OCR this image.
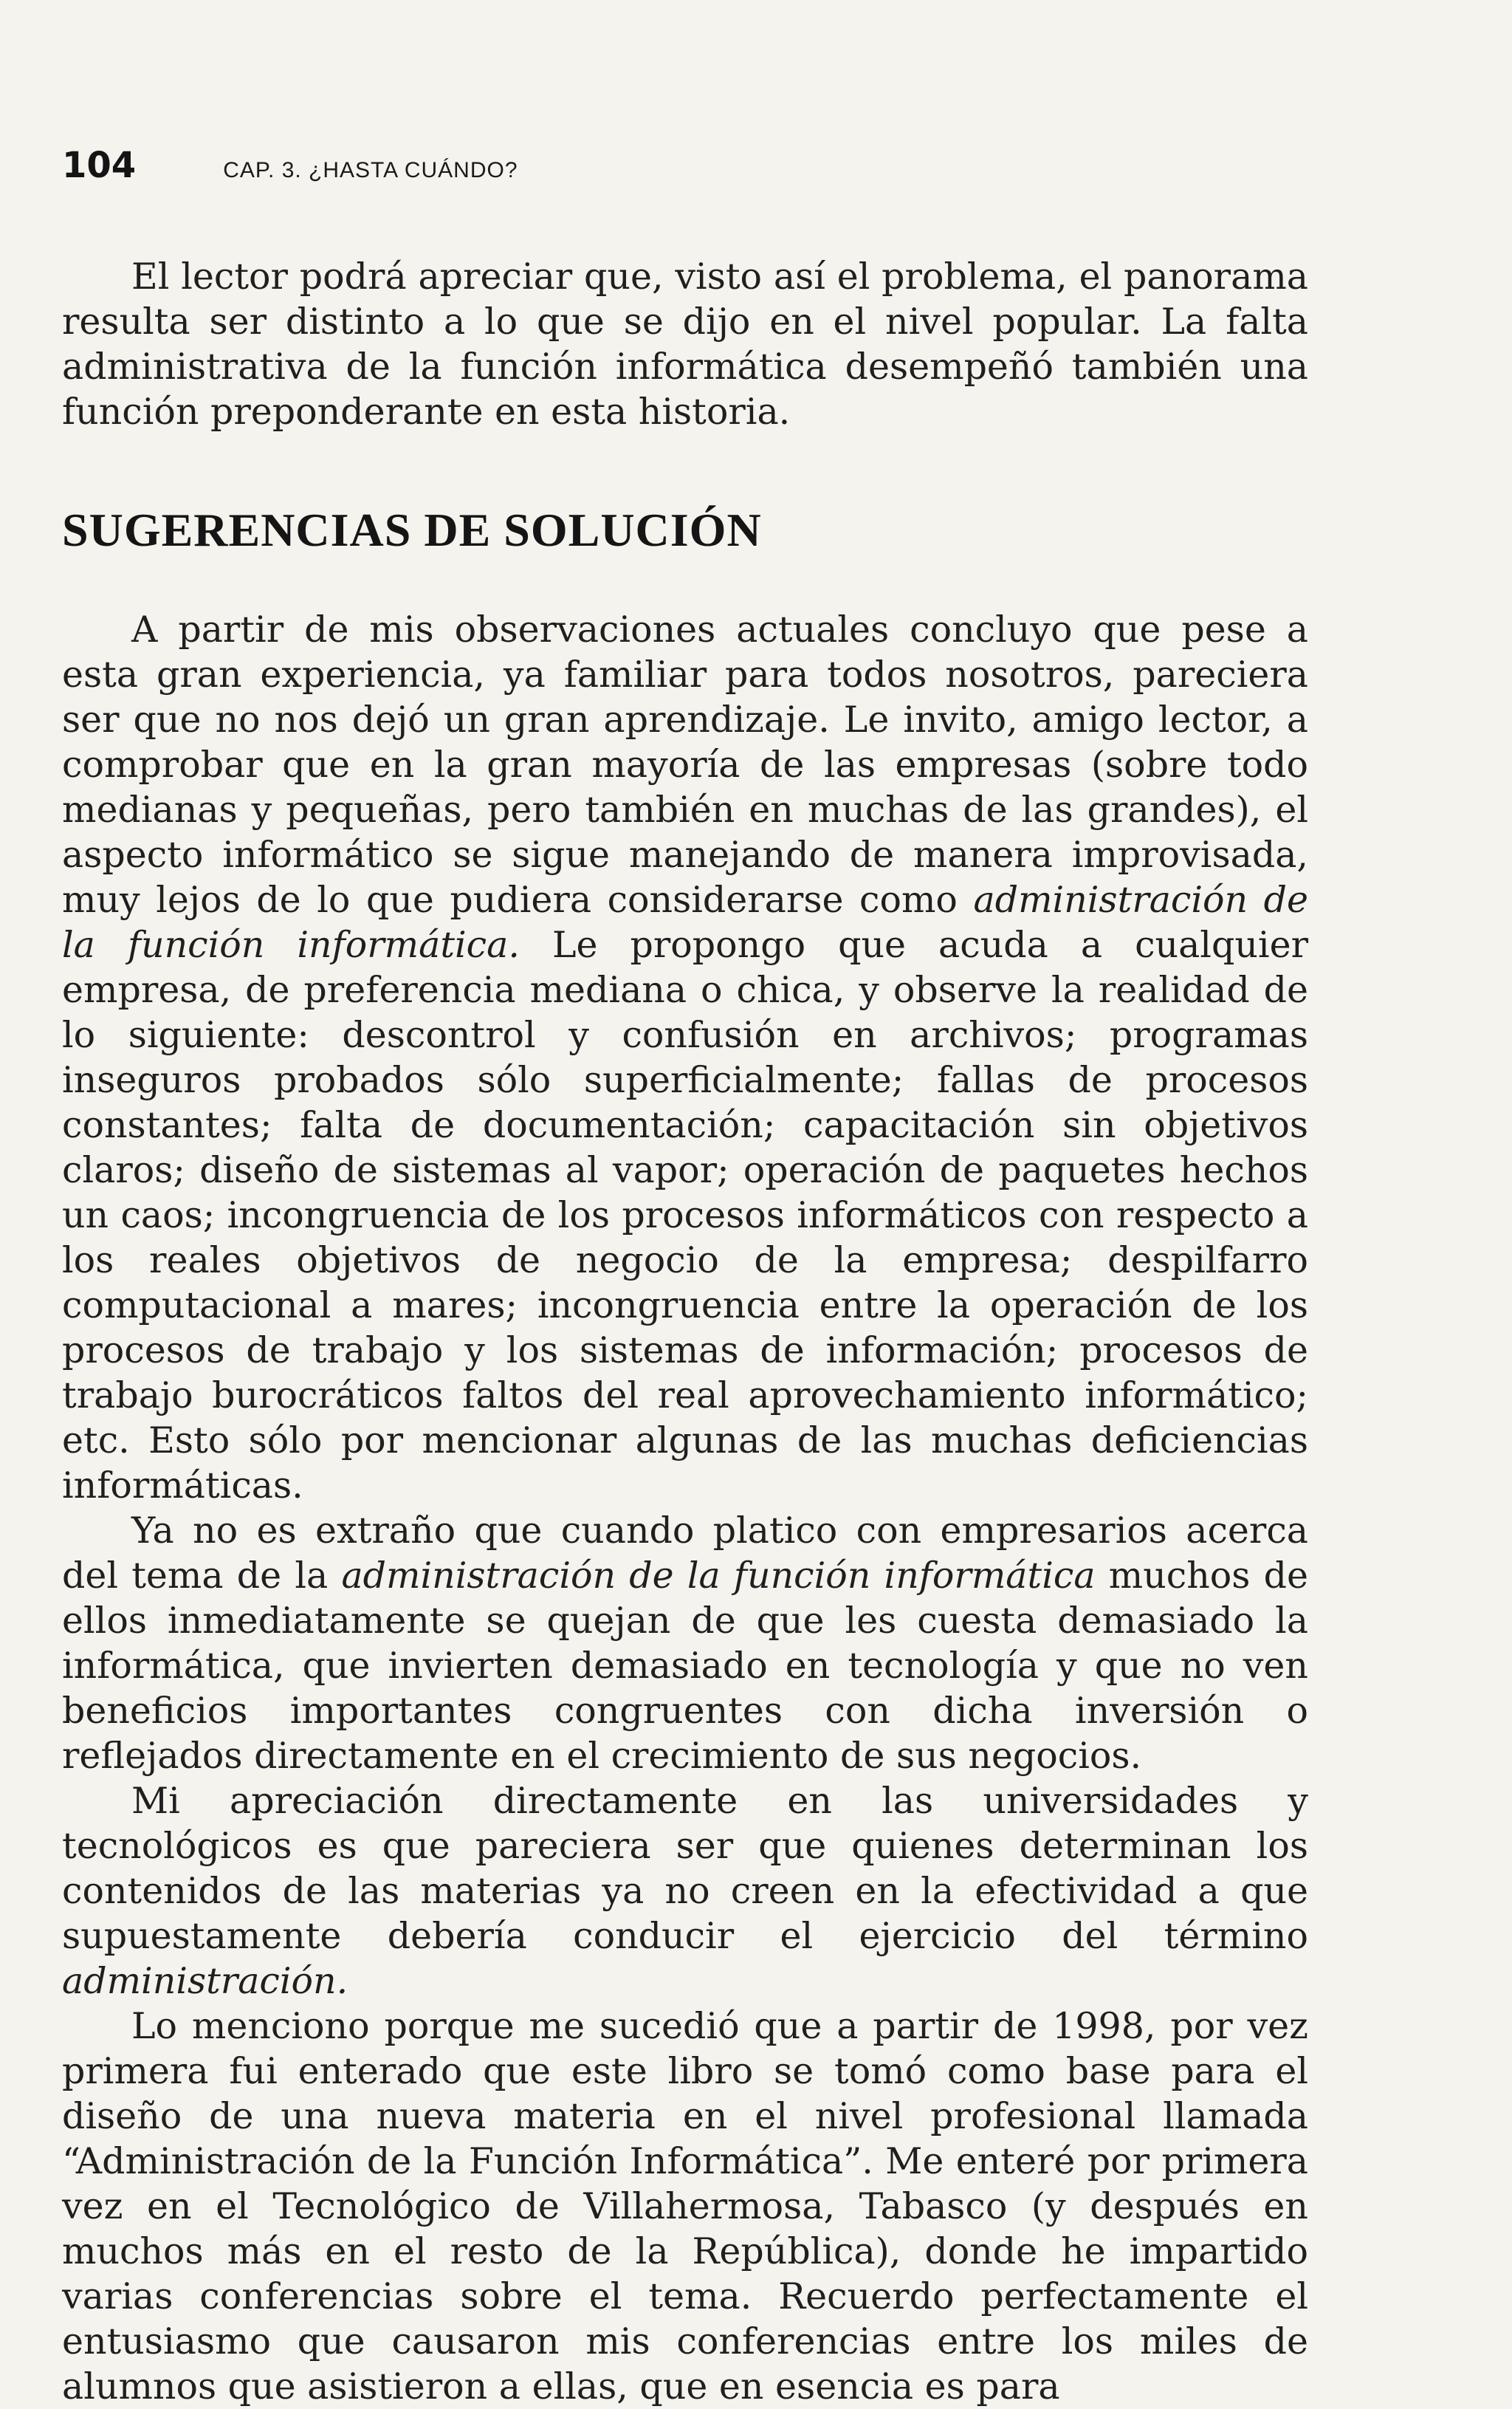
104	CAP. 3. ¿HASTA CUÁNDO?

El lector podrá apreciar que, visto así el problema, el panorama resulta ser distinto a lo que se dijo en el nivel popular. La falta administrativa de la función informática desempeñó también una función preponderante en esta historia.

SUGERENCIAS DE SOLUCIÓN

A partir de mis observaciones actuales concluyo que pese a esta gran experiencia, ya familiar para todos nosotros, pareciera ser que no nos dejó un gran aprendizaje. Le invito, amigo lector, a comprobar que en la gran mayoría de las empresas (sobre todo medianas y pequeñas, pero también en muchas de las grandes), el aspecto informático se sigue manejando de manera improvisada, muy lejos de lo que pudiera considerarse como administración de la función informática. Le propongo que acuda a cualquier empresa, de preferencia mediana o chica, y observe la realidad de lo siguiente: descontrol y confusión en archivos; programas inseguros probados sólo superficialmente; fallas de procesos constantes; falta de documentación; capacitación sin objetivos claros; diseño de sistemas al vapor; operación de paquetes hechos un caos; incongruencia de los procesos informáticos con respecto a los reales objetivos de negocio de la empresa; despilfarro computacional a mares; incongruencia entre la operación de los procesos de trabajo y los sistemas de información; procesos de trabajo burocráticos faltos del real aprovechamiento informático; etc. Esto sólo por mencionar algunas de las muchas deficiencias informáticas.

Ya no es extraño que cuando platico con empresarios acerca del tema de la administración de la función informática muchos de ellos inmediatamente se quejan de que les cuesta demasiado la informática, que invierten demasiado en tecnología y que no ven beneficios importantes congruentes con dicha inversión o reflejados directamente en el crecimiento de sus negocios.

Mi apreciación directamente en las universidades y tecnológicos es que pareciera ser que quienes determinan los contenidos de las materias ya no creen en la efectividad a que supuestamente debería conducir el ejercicio del término administración.

Lo menciono porque me sucedió que a partir de 1998, por vez primera fui enterado que este libro se tomó como base para el diseño de una nueva materia en el nivel profesional llamada “Administración de la Función Informática”. Me enteré por primera vez en el Tecnológico de Villahermosa, Tabasco (y después en muchos más en el resto de la República), donde he impartido varias conferencias sobre el tema. Recuerdo perfectamente el entusiasmo que causaron mis conferencias entre los miles de alumnos que asistieron a ellas, que en esencia es para
